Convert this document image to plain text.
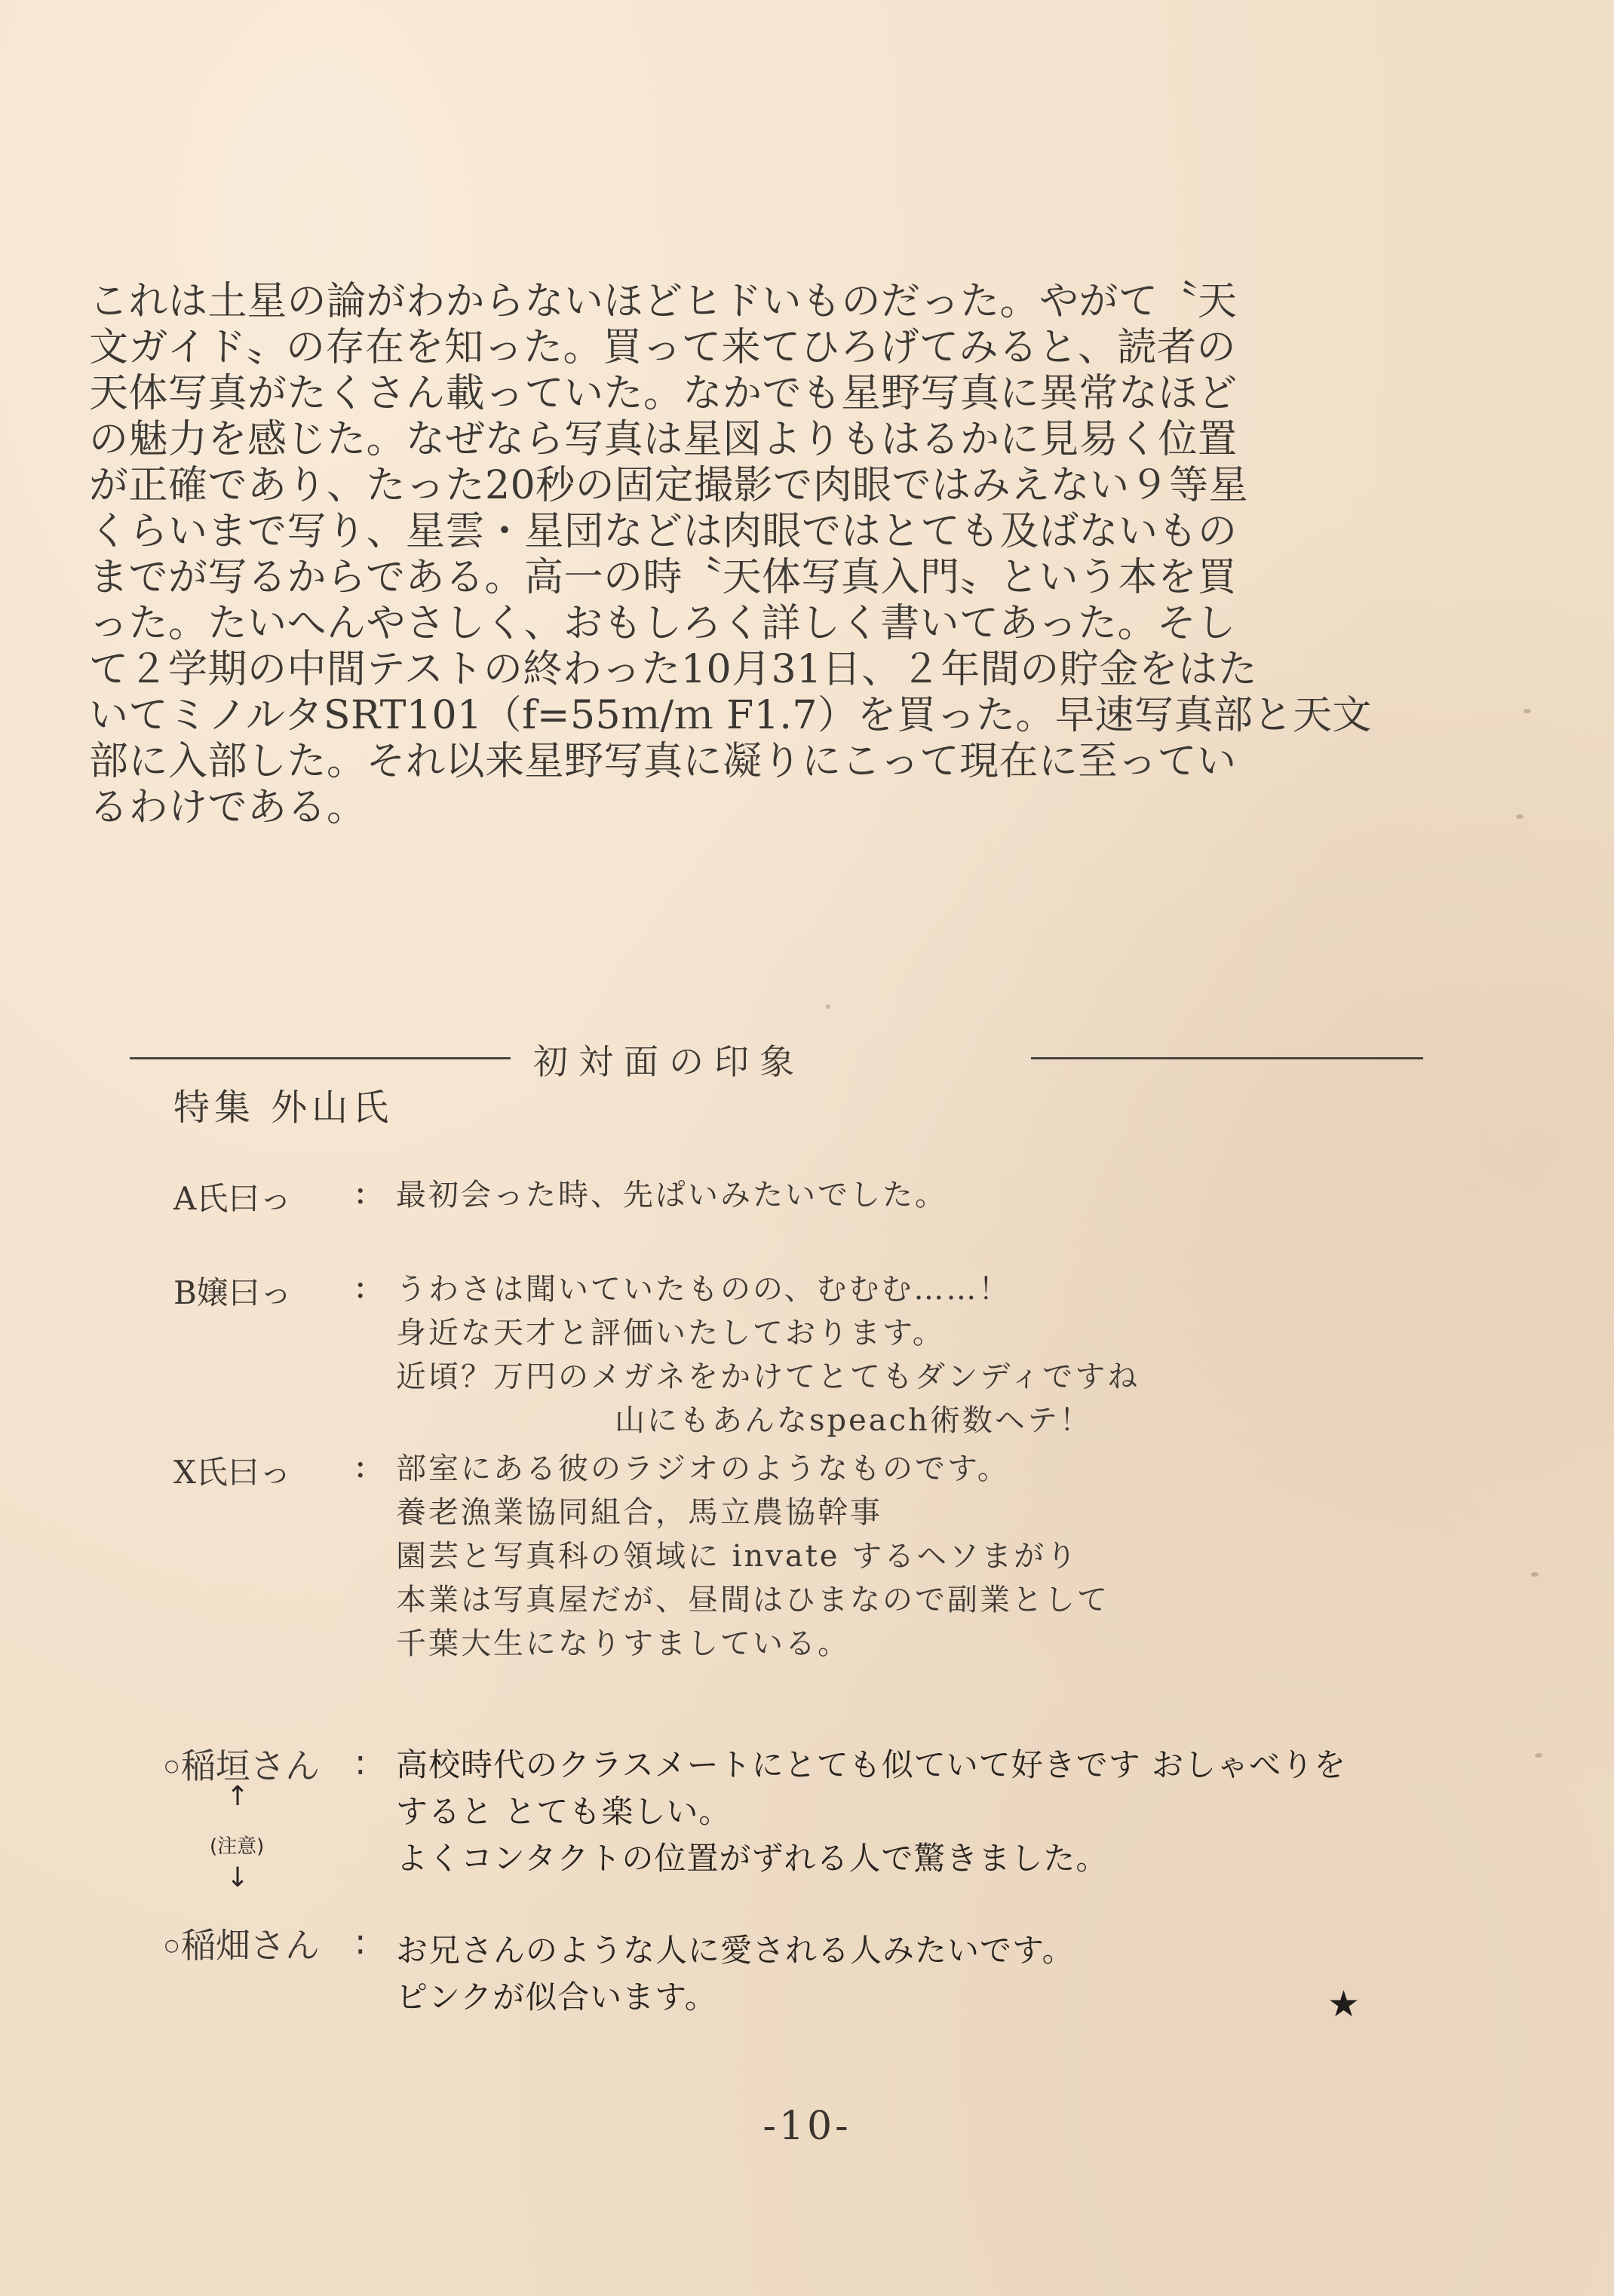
これは土星の論がわからないほどヒドいものだった。やがて〝天
文ガイド〟の存在を知った。買って来てひろげてみると、読者の
天体写真がたくさん載っていた。なかでも星野写真に異常なほど
の魅力を感じた。なぜなら写真は星図よりもはるかに見易く位置
が正確であり、たった20秒の固定撮影で肉眼ではみえない９等星
くらいまで写り、星雲・星団などは肉眼ではとても及ばないもの
までが写るからである。高一の時〝天体写真入門〟という本を買
った。たいへんやさしく、おもしろく詳しく書いてあった。そし
て２学期の中間テストの終わった10月31日、２年間の貯金をはた
いてミノルタSRT101（f=55ｍ/ｍ F1.7）を買った。早速写真部と天文
部に入部した。それ以来星野写真に凝りにこって現在に至ってい
るわけである。
初対面の印象
特集 外山氏
A氏曰っ : 最初会った時、先ぱいみたいでした。
B嬢曰っ : うわさは聞いていたものの、むむむ……！
身近な天才と評価いたしております。
近頃？万円のメガネをかけてとてもダンディですね
山にもあんなspeach術数ヘテ！
X氏曰っ : 部室にある彼のラジオのようなものです。
養老漁業協同組合，馬立農協幹事
園芸と写真科の領域に invate するヘソまがり
本業は写真屋だが、昼間はひまなので副業として
千葉大生になりすましている。
○ 稲垣さん : 高校時代のクラスメートにとても似ていて好きです おしゃべりを
すると とても楽しい。
よくコンタクトの位置がずれる人で驚きました。
↑
(注意)
↓
○ 稲畑さん : お兄さんのような人に愛される人みたいです。
ピンクが似合います。	★
-10-
